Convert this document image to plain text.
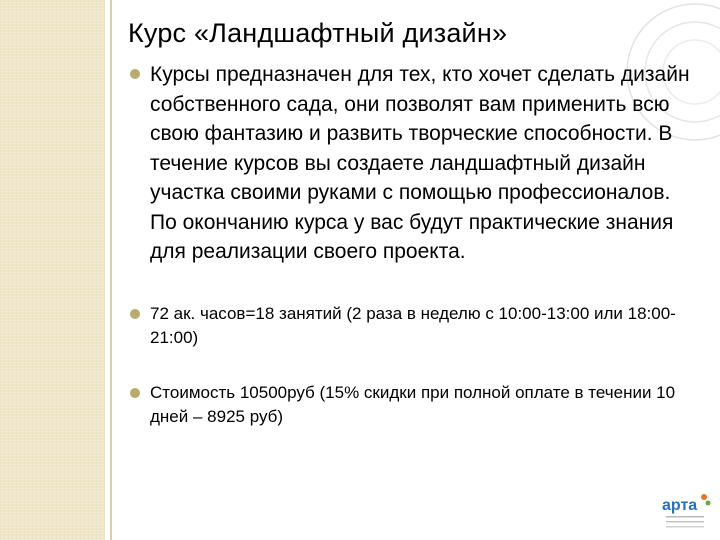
Курс «Ландшафтный дизайн»
Курсы предназначен для тех, кто хочет сделать дизайн собственного сада, они позволят вам применить всю свою фантазию и развить творческие способности. В течение курсов вы создаете ландшафтный дизайн участка своими руками с помощью профессионалов. По окончанию курса у вас будут практические знания для реализации своего проекта.
72 ак. часов=18 занятий (2 раза в неделю с 10:00-13:00 или 18:00-21:00)
Стоимость 10500руб (15% скидки при полной оплате в течении 10 дней – 8925 руб)
арта
